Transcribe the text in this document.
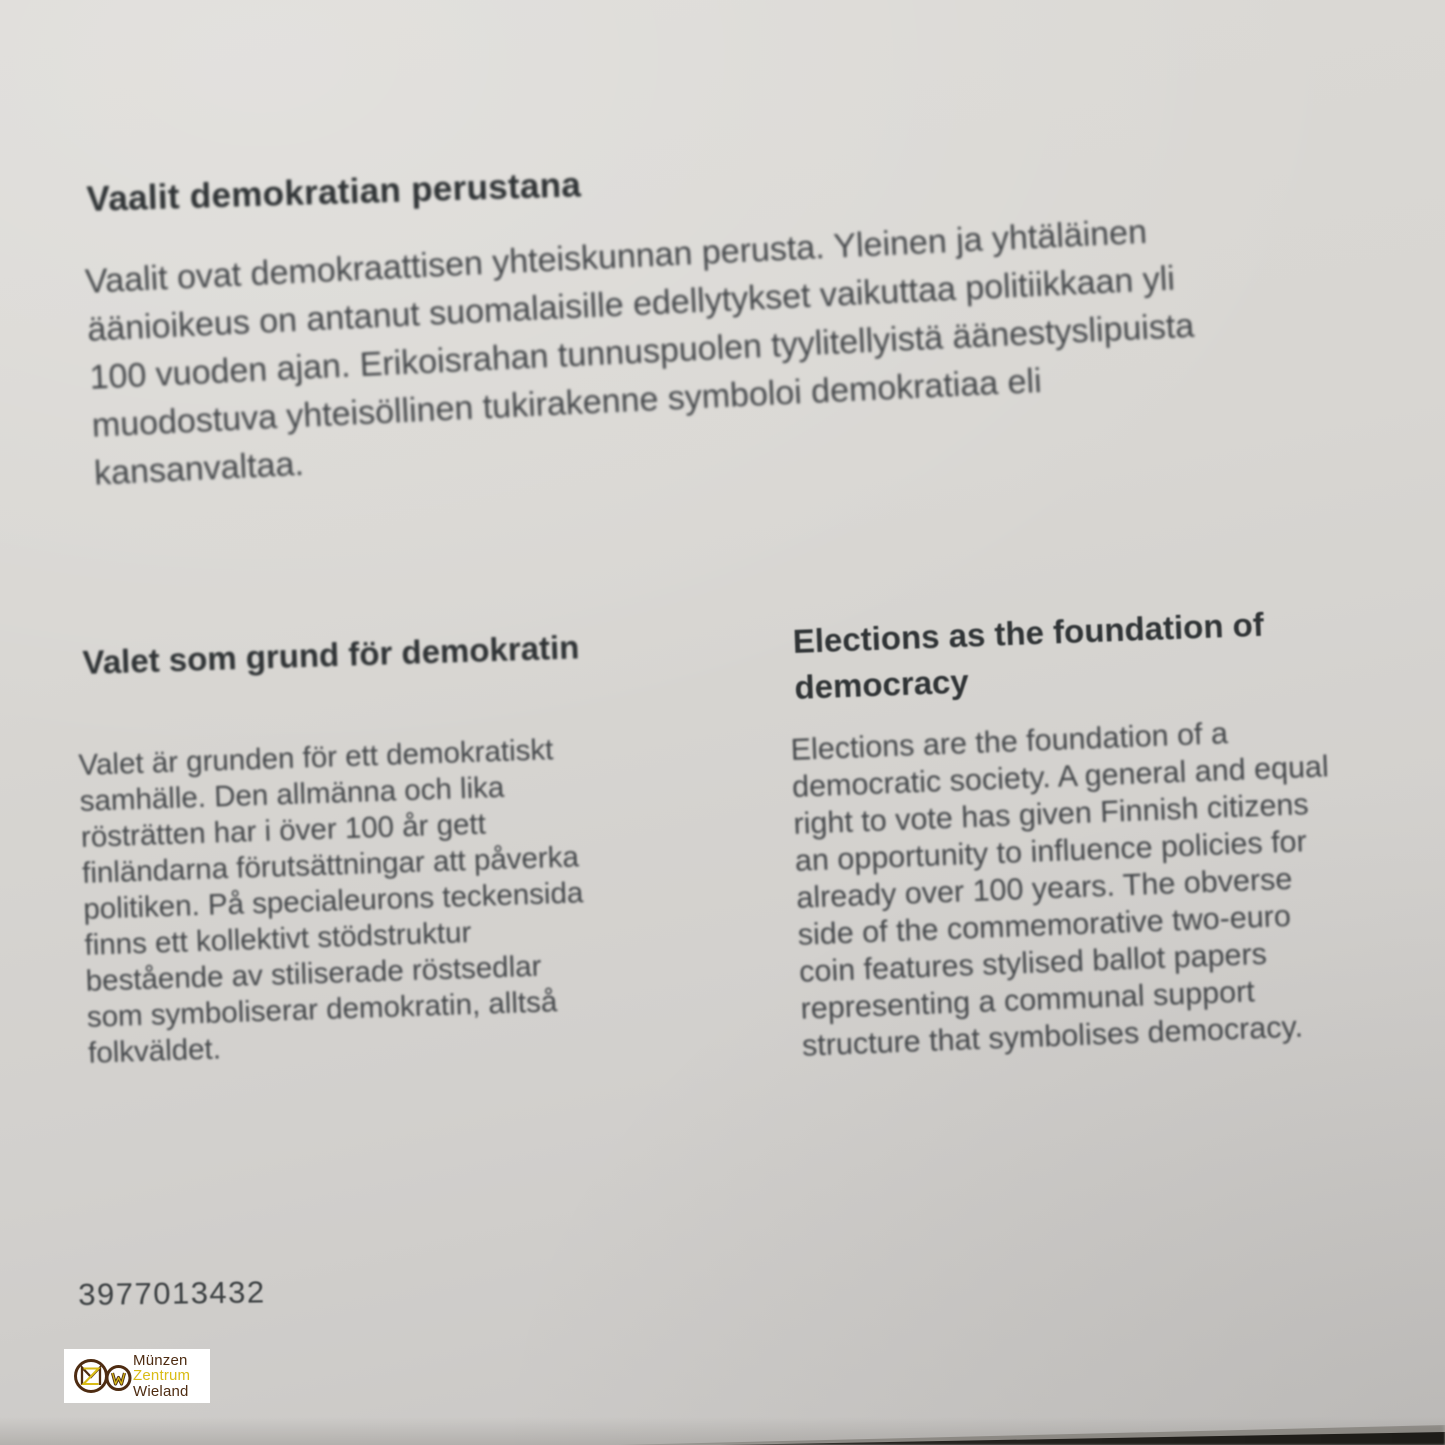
Vaalit demokratian perustana

Vaalit ovat demokraattisen yhteiskunnan perusta. Yleinen ja yhtäläinen
äänioikeus on antanut suomalaisille edellytykset vaikuttaa politiikkaan yli
100 vuoden ajan. Erikoisrahan tunnuspuolen tyylitellyistä äänestyslipuista
muodostuva yhteisöllinen tukirakenne symboloi demokratiaa eli
kansanvaltaa.

Valet som grund för demokratin

Valet är grunden för ett demokratiskt
samhälle. Den allmänna och lika
rösträtten har i över 100 år gett
finländarna förutsättningar att påverka
politiken. På specialeurons teckensida
finns ett kollektivt stödstruktur
bestående av stiliserade röstsedlar
som symboliserar demokratin, alltså
folkväldet.

Elections as the foundation of
democracy

Elections are the foundation of a
democratic society. A general and equal
right to vote has given Finnish citizens
an opportunity to influence policies for
already over 100 years. The obverse
side of the commemorative two-euro
coin features stylised ballot papers
representing a communal support
structure that symbolises democracy.

3977013432
Münzen
Zentrum
Wieland
